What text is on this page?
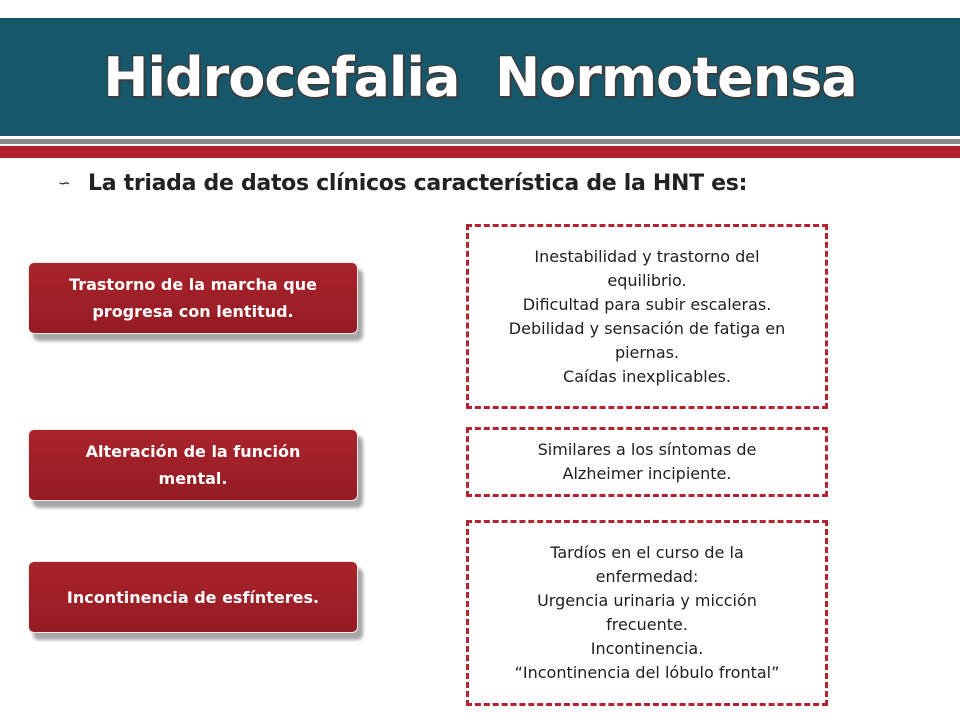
Hidrocefalia  Normotensa
∽ La triada de datos clínicos característica de la HNT es:
Trastorno de la marcha que progresa con lentitud.
Alteración de la función mental.
Incontinencia de esfínteres.
Inestabilidad y trastorno del
equilibrio.
Dificultad para subir escaleras.
Debilidad y sensación de fatiga en
piernas.
Caídas inexplicables.
Similares a los síntomas de
Alzheimer incipiente.
Tardíos en el curso de la
enfermedad:
Urgencia urinaria y micción
frecuente.
Incontinencia.
“Incontinencia del lóbulo frontal”
